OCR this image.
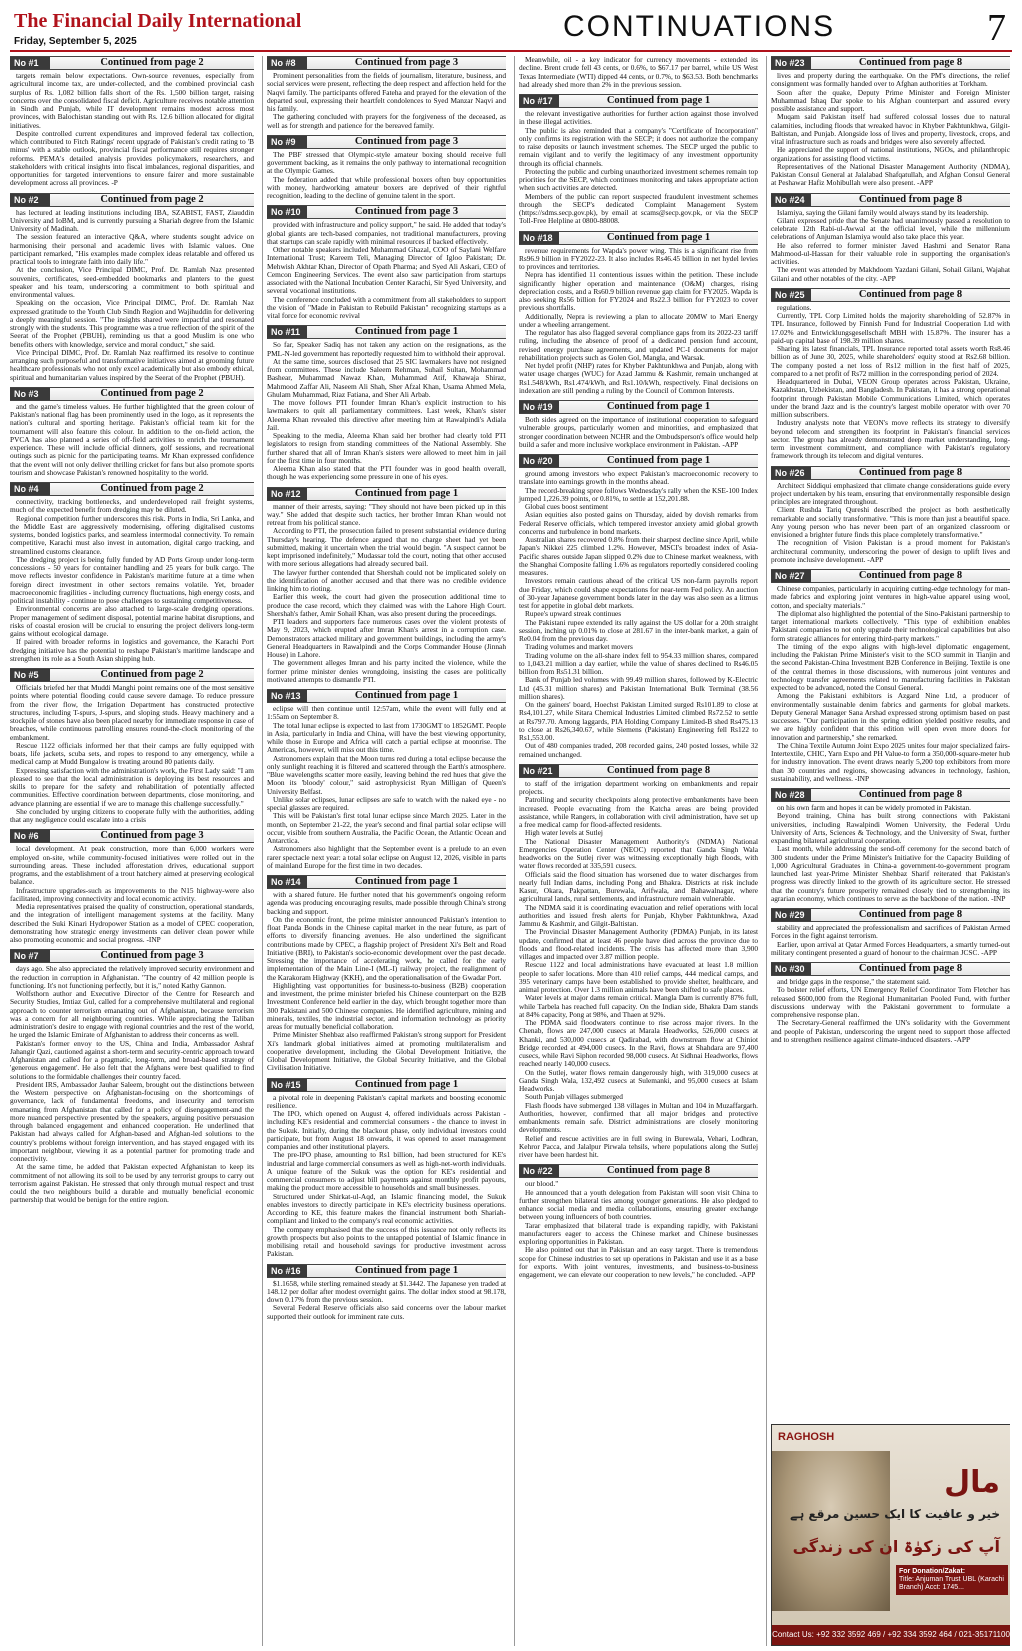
The Financial Daily International
Friday, September 5, 2025	CONTINUATIONS	7
No #1	Continued from page 2

targets remain below expectations. Own-source revenues, especially from agricultural income tax, are under-collected, and the combined provincial cash surplus of Rs. 1,082 billion falls short of the Rs. 1,500 billion target, raising concerns over the consolidated fiscal deficit. Agriculture receives notable attention in Sindh and Punjab, while IT development remains modest across most provinces, with Balochistan standing out with Rs. 12.6 billion allocated for digital initiatives.

Despite controlled current expenditures and improved federal tax collection, which contributed to Fitch Ratings' recent upgrade of Pakistan's credit rating to 'B minus' with a stable outlook, provincial fiscal performance still requires stronger reforms. PEMA's detailed analysis provides policymakers, researchers, and stakeholders with critical insights into fiscal imbalances, regional disparities, and opportunities for targeted interventions to ensure fairer and more sustainable development across all provinces. -P

No #2	Continued from page 2

has lectured at leading institutions including IBA, SZABIST, FAST, Ziauddin University and IoBM, and is currently pursuing a Shariah degree from the Islamic University of Madinah.

The session featured an interactive Q&A, where students sought advice on harmonising their personal and academic lives with Islamic values. One participant remarked, "His examples made complex ideas relatable and offered us practical tools to integrate faith into daily life."

At the conclusion, Vice Principal DIMC, Prof. Dr. Ramlah Naz presented souvenirs, certificates, seed-embedded bookmarks and planters to the guest speaker and his team, underscoring a commitment to both spiritual and environmental values.

Speaking on the occasion, Vice Principal DIMC, Prof. Dr. Ramlah Naz expressed gratitude to the Youth Club Sindh Region and Wajihuddin for delivering a deeply meaningful session. "The insights shared were impactful and resonated strongly with the students. This programme was a true reflection of the spirit of the Seerat of the Prophet (PBUH), reminding us that a good Muslim is one who benefits others with knowledge, service and moral conduct," she said.

Vice Principal DIMC, Prof. Dr. Ramlah Naz reaffirmed its resolve to continue arranging such purposeful and transformative initiatives aimed at grooming future healthcare professionals who not only excel academically but also embody ethical, spiritual and humanitarian values inspired by the Seerat of the Prophet (PBUH).

No #3	Continued from page 2

and the game's timeless values. He further highlighted that the green colour of Pakistan's national flag has been prominently used in the logo, as it represents the nation's cultural and sporting heritage. Pakistan's official team kit for the tournament will also feature this colour. In addition to the on-field action, the PVCA has also planned a series of off-field activities to enrich the tournament experience. These will include official dinners, golf sessions, and recreational outings such as picnic for the participating teams. Mr Khan expressed confidence that the event will not only deliver thrilling cricket for fans but also promote sports tourism and showcase Pakistan's renowned hospitality to the world.

No #4	Continued from page 2

connectivity, tracking bottlenecks, and underdeveloped rail freight systems, much of the expected benefit from dredging may be diluted.

Regional competition further underscores this risk. Ports in India, Sri Lanka, and the Middle East are aggressively modernising, offering digitalised customs systems, bonded logistics parks, and seamless intermodal connectivity. To remain competitive, Karachi must also invest in automation, digital cargo tracking, and streamlined customs clearance.

The dredging project is being fully funded by AD Ports Group under long-term concessions - 50 years for container handling and 25 years for bulk cargo. The move reflects investor confidence in Pakistan's maritime future at a time when foreign direct investment in other sectors remains volatile. Yet, broader macroeconomic fragilities - including currency fluctuations, high energy costs, and political instability - continue to pose challenges to sustaining competitiveness.

Environmental concerns are also attached to large-scale dredging operations. Proper management of sediment disposal, potential marine habitat disruptions, and risks of coastal erosion will be crucial to ensuring the project delivers long-term gains without ecological damage.

If paired with broader reforms in logistics and governance, the Karachi Port dredging initiative has the potential to reshape Pakistan's maritime landscape and strengthen its role as a South Asian shipping hub.

No #5	Continued from page 2

Officials briefed her that Muddi Manghi point remains one of the most sensitive points where potential flooding could cause severe damage. To reduce pressure from the river flow, the Irrigation Department has constructed protective structures, including T-spurs, J-spurs, and sloping studs. Heavy machinery and a stockpile of stones have also been placed nearby for immediate response in case of breaches, while continuous patrolling ensures round-the-clock monitoring of the embankment.

Rescue 1122 officials informed her that their camps are fully equipped with boats, life jackets, scuba sets, and ropes to respond to any emergency, while a medical camp at Mudd Bungalow is treating around 80 patients daily.

Expressing satisfaction with the administration's work, the First Lady said: "I am pleased to see that the local administration is deploying its best resources and skills to prepare for the safety and rehabilitation of potentially affected communities. Effective coordination between departments, close monitoring, and advance planning are essential if we are to manage this challenge successfully."

She concluded by urging citizens to cooperate fully with the authorities, adding that any negligence could escalate into a crisis

No #6	Continued from page 3

local development. At peak construction, more than 6,000 workers were employed on-site, while community-focused initiatives were rolled out in the surrounding areas. These included afforestation drives, educational support programs, and the establishment of a trout hatchery aimed at preserving ecological balance.

Infrastructure upgrades-such as improvements to the N15 highway-were also facilitated, improving connectivity and local economic activity.

Media representatives praised the quality of construction, operational standards, and the integration of intelligent management systems at the facility. Many described the Suki Kinari Hydropower Station as a model of CPEC cooperation, demonstrating how strategic energy investments can deliver clean power while also promoting economic and social progress. -INP

No #7	Continued from page 3

days ago. She also appreciated the relatively improved security environment and the reduction in corruption in Afghanistan. "The country of 42 million people is functioning. It's not functioning perfectly, but it is," noted Kathy Gannon.

Wolfsthorn author and Executive Director of the Centre for Research and Security Studies, Imtiaz Gul, called for a comprehensive multilateral and regional approach to counter terrorism emanating out of Afghanistan, because terrorism was a concern for all neighbouring countries. While appreciating the Taliban administration's desire to engage with regional countries and the rest of the world, he urged the Islamic Emirate of Afghanistan to address their concerns as well.

Pakistan's former envoy to the US, China and India, Ambassador Ashraf Jahangir Qazi, cautioned against a short-term and security-centric approach toward Afghanistan and called for a pragmatic, long-term, and broad-based strategy of 'generous engagement'. He also felt that the Afghans were best qualified to find solutions to the formidable challenges their country faced.

President IRS, Ambassador Jauhar Saleem, brought out the distinctions between the Western perspective on Afghanistan-focusing on the shortcomings of governance, lack of fundamental freedoms, and insecurity and terrorism emanating from Afghanistan that called for a policy of disengagement-and the more nuanced perspective presented by the speakers, arguing positive persuasion through balanced engagement and enhanced cooperation. He underlined that Pakistan had always called for Afghan-based and Afghan-led solutions to the country's problems without foreign intervention, and has stayed engaged with its important neighbour, viewing it as a potential partner for promoting trade and connectivity.

At the same time, he added that Pakistan expected Afghanistan to keep its commitment of not allowing its soil to be used by any terrorist groups to carry out terrorism against Pakistan. He stressed that only through mutual respect and trust could the two neighbours build a durable and mutually beneficial economic partnership that would be benign for the entire region.

No #8	Continued from page 3

Prominent personalities from the fields of journalism, literature, business, and social services were present, reflecting the deep respect and affection held for the Naqvi family. The participants offered Fateha and prayed for the elevation of the departed soul, expressing their heartfelt condolences to Syed Manzar Naqvi and his family.

The gathering concluded with prayers for the forgiveness of the deceased, as well as for strength and patience for the bereaved family.

No #9	Continued from page 3

The PBF stressed that Olympic-style amateur boxing should receive full government backing, as it remains the only pathway to international recognition at the Olympic Games.

The federation added that while professional boxers often buy opportunities with money, hardworking amateur boxers are deprived of their rightful recognition, leading to the decline of genuine talent in the sport.

No #10	Continued from page 3

provided with infrastructure and policy support," he said. He added that today's global giants are tech-based companies, not traditional manufacturers, proving that startups can scale rapidly with minimal resources if backed effectively.

Other notable speakers included Muhammad Ghazal, COO of Saylani Welfare International Trust; Kareem Teli, Managing Director of Igloo Pakistan; Dr. Mehwish Akhtar Khan, Director of Opath Pharma; and Syed Ali Askari, CEO of Cemcon Engineering Services. The event also saw participation from startups associated with the National Incubation Center Karachi, Sir Syed University, and several vocational institutions.

The conference concluded with a commitment from all stakeholders to support the vision of "Made in Pakistan to Rebuild Pakistan" recognizing startups as a vital force for economic revival

No #11	Continued from page 1

So far, Speaker Sadiq has not taken any action on the resignations, as the PML-N-led government has reportedly requested him to withhold their approval.

At the same time, sources disclosed that 25 SIC lawmakers have not resigned from committees. These include Saleem Rehman, Suhail Sultan, Mohammad Bashear, Muhammad Nawaz Khan, Muhammad Atif, Khawaja Shiraz, Mahmood Zaffar Ali, Naseem Ali Shah, Sher Afzal Khan, Usama Ahmed Mela, Ghulam Muhammad, Riaz Fatiana, and Sher Ali Arbab.

The move follows PTI founder Imran Khan's explicit instruction to his lawmakers to quit all parliamentary committees. Last week, Khan's sister Aleema Khan revealed this directive after meeting him at Rawalpindi's Adiala Jail.

Speaking to the media, Aleema Khan said her brother had clearly told PTI legislators to resign from standing committees of the National Assembly. She further shared that all of Imran Khan's sisters were allowed to meet him in jail for the first time in four months.

Aleema Khan also stated that the PTI founder was in good health overall, though he was experiencing some pressure in one of his eyes.

No #12	Continued from page 1

manner of their arrests, saying: "They should not have been picked up in this way." She added that despite such tactics, her brother Imran Khan would not retreat from his political stance.

According to PTI, the prosecution failed to present substantial evidence during Thursday's hearing. The defence argued that no charge sheet had yet been submitted, making it uncertain when the trial would begin. "A suspect cannot be kept imprisoned indefinitely," Mudassar told the court, noting that other accused with more serious allegations had already secured bail.

The lawyer further contended that Shershah could not be implicated solely on the identification of another accused and that there was no credible evidence linking him to rioting.

Earlier this week, the court had given the prosecution additional time to produce the case record, which they claimed was with the Lahore High Court. Shershah's father, Amir Sohail Khan, was also present during the proceedings.

PTI leaders and supporters face numerous cases over the violent protests of May 9, 2023, which erupted after Imran Khan's arrest in a corruption case. Demonstrators attacked military and government buildings, including the army's General Headquarters in Rawalpindi and the Corps Commander House (Jinnah House) in Lahore.

The government alleges Imran and his party incited the violence, while the former prime minister denies wrongdoing, insisting the cases are politically motivated attempts to dismantle PTI.

No #13	Continued from page 1

eclipse will then continue until 12:57am, while the event will fully end at 1:55am on September 8.

The total lunar eclipse is expected to last from 1730GMT to 1852GMT. People in Asia, particularly in India and China, will have the best viewing opportunity, while those in Europe and Africa will catch a partial eclipse at moonrise. The Americas, however, will miss out this time.

Astronomers explain that the Moon turns red during a total eclipse because the only sunlight reaching it is filtered and scattered through the Earth's atmosphere. "Blue wavelengths scatter more easily, leaving behind the red hues that give the Moon its 'bloody' colour," said astrophysicist Ryan Milligan of Queen's University Belfast.

Unlike solar eclipses, lunar eclipses are safe to watch with the naked eye - no special glasses are required.

This will be Pakistan's first total lunar eclipse since March 2025. Later in the month, on September 21-22, the year's second and final partial solar eclipse will occur, visible from southern Australia, the Pacific Ocean, the Atlantic Ocean and Antarctica.

Astronomers also highlight that the September event is a prelude to an even rarer spectacle next year: a total solar eclipse on August 12, 2026, visible in parts of mainland Europe for the first time in two decades.

No #14	Continued from page 1

with a shared future. He further noted that his government's ongoing reform agenda was producing encouraging results, made possible through China's strong backing and support.

On the economic front, the prime minister announced Pakistan's intention to float Panda Bonds in the Chinese capital market in the near future, as part of efforts to diversify financing avenues. He also underlined the significant contributions made by CPEC, a flagship project of President Xi's Belt and Road Initiative (BRI), to Pakistan's socio-economic development over the past decade. Stressing the importance of accelerating work, he called for the early implementation of the Main Line-I (ML-I) railway project, the realignment of the Karakoram Highway (KKH), and the operationalisation of the Gwadar Port.

Highlighting vast opportunities for business-to-business (B2B) cooperation and investment, the prime minister briefed his Chinese counterpart on the B2B Investment Conference held earlier in the day, which brought together more than 300 Pakistani and 500 Chinese companies. He identified agriculture, mining and minerals, textiles, the industrial sector, and information technology as priority areas for mutually beneficial collaboration.

Prime Minister Shehbaz also reaffirmed Pakistan's strong support for President Xi's landmark global initiatives aimed at promoting multilateralism and cooperative development, including the Global Development Initiative, the Global Development Initiative, the Global Security Initiative, and the Global Civilisation Initiative.

No #15	Continued from page 1

a pivotal role in deepening Pakistan's capital markets and boosting economic resilience.

The IPO, which opened on August 4, offered individuals across Pakistan - including KE's residential and commercial consumers - the chance to invest in the Sukuk. Initially, during the blackout phase, only individual investors could participate, but from August 18 onwards, it was opened to asset management companies and other institutional players.

The pre-IPO phase, amounting to Rs1 billion, had been structured for KE's industrial and large commercial consumers as well as high-net-worth individuals. A unique feature of the Sukuk was the option for KE's residential and commercial consumers to adjust bill payments against monthly profit payouts, making the product more accessible to households and small businesses.

Structured under Shirkat-ul-Aqd, an Islamic financing model, the Sukuk enables investors to directly participate in KE's electricity business operations. According to KE, this feature makes the financial instrument both Shariah-compliant and linked to the company's real economic activities.

The company emphasised that the success of this issuance not only reflects its growth prospects but also points to the untapped potential of Islamic finance in mobilising retail and household savings for productive investment across Pakistan.

No #16	Continued from page 1

$1.1658, while sterling remained steady at $1.3442. The Japanese yen traded at 148.12 per dollar after modest overnight gains. The dollar index stood at 98.178, down 0.17% from the previous session.

Several Federal Reserve officials also said concerns over the labour market supported their outlook for imminent rate cuts.

Meanwhile, oil - a key indicator for currency movements - extended its decline. Brent crude fell 43 cents, or 0.6%, to $67.17 per barrel, while US West Texas Intermediate (WTI) dipped 44 cents, or 0.7%, to $63.53. Both benchmarks had already shed more than 2% in the previous session.

No #17	Continued from page 1

the relevant investigative authorities for further action against those involved in these illegal activities.

The public is also reminded that a company's "Certificate of Incorporation" only confirms its registration with the SECP; it does not authorize the company to raise deposits or launch investment schemes. The SECP urged the public to remain vigilant and to verify the legitimacy of any investment opportunity through its official channels.

Protecting the public and curbing unauthorized investment schemes remain top priorities for the SECP, which continues monitoring and takes appropriate action when such activities are detected.

Members of the public can report suspected fraudulent investment schemes through the SECP's dedicated Complaint Management System (https://sdms.secp.gov.pk), by email at scams@secp.gov.pk, or via the SECP Toll-Free Helpline at 0800-88008.

No #18	Continued from page 1

revenue requirements for Wapda's power wing. This is a significant rise from Rs96.9 billion in FY2022-23. It also includes Rs46.45 billion in net hydel levies to provinces and territories.

Nepra has identified 11 contentious issues within the petition. These include significantly higher operation and maintenance (O&M) charges, rising depreciation costs, and a Rs60.9 billion revenue gap claim for FY2025. Wapda is also seeking Rs56 billion for FY2024 and Rs22.3 billion for FY2023 to cover previous shortfalls.

Additionally, Nepra is reviewing a plan to allocate 20MW to Mari Energy under a wheeling arrangement.

The regulator has also flagged several compliance gaps from its 2022-23 tariff ruling, including the absence of proof of a dedicated pension fund account, revised energy purchase agreements, and updated PC-I documents for major rehabilitation projects such as Golen Gol, Mangla, and Warsak.

Net hydel profit (NHP) rates for Khyber Pakhtunkhwa and Punjab, along with water usage charges (WUC) for Azad Jammu & Kashmir, remain unchanged at Rs1.548/kWh, Rs1.474/kWh, and Rs1.10/kWh, respectively. Final decisions on indexation are still pending a ruling by the Council of Common Interests.

No #19	Continued from page 1

Both sides agreed on the importance of institutional cooperation to safeguard vulnerable groups, particularly women and minorities, and emphasized that stronger coordination between NCHR and the Ombudsperson's office would help build a safer and more inclusive workplace environment in Pakistan. -APP

No #20	Continued from page 1

ground among investors who expect Pakistan's macroeconomic recovery to translate into earnings growth in the months ahead.

The record-breaking spree follows Wednesday's rally when the KSE-100 Index jumped 1,226.39 points, or 0.81%, to settle at 152,201.88.

Global cues boost sentiment

Asian equities also posted gains on Thursday, aided by dovish remarks from Federal Reserve officials, which tempered investor anxiety amid global growth concerns and turbulence in bond markets.

Australian shares recovered 0.8% from their sharpest decline since April, while Japan's Nikkei 225 climbed 1.2%. However, MSCI's broadest index of Asia-Pacific shares outside Japan slipped 0.2% due to Chinese market weakness, with the Shanghai Composite falling 1.6% as regulators reportedly considered cooling measures.

Investors remain cautious ahead of the critical US non-farm payrolls report due Friday, which could shape expectations for near-term Fed policy. An auction of 30-year Japanese government bonds later in the day was also seen as a litmus test for appetite in global debt markets.

Rupee's upward streak continues

The Pakistani rupee extended its rally against the US dollar for a 20th straight session, inching up 0.01% to close at 281.67 in the inter-bank market, a gain of Re0.04 from the previous day.

Trading volumes and market movers

Trading volume on the all-share index fell to 954.33 million shares, compared to 1,043.21 million a day earlier, while the value of shares declined to Rs46.05 billion from Rs51.31 billion.

Bank of Punjab led volumes with 99.49 million shares, followed by K-Electric Ltd (45.31 million shares) and Pakistan International Bulk Terminal (38.56 million shares).

On the gainers' board, Hoechst Pakistan Limited surged Rs101.89 to close at Rs4,101.27, while Sitara Chemical Industries Limited climbed Rs72.52 to settle at Rs797.70. Among laggards, PIA Holding Company Limited-B shed Rs475.13 to close at Rs26,340.67, while Siemens (Pakistan) Engineering fell Rs122 to Rs1,553.00.

Out of 480 companies traded, 208 recorded gains, 240 posted losses, while 32 remained unchanged.

No #21	Continued from page 8

to staff of the irrigation department working on embankments and repair projects.

Patrolling and security checkpoints along protective embankments have been increased. People evacuating from the Katcha areas are being provided assistance, while Rangers, in collaboration with civil administration, have set up a free medical camp for flood-affected residents.

High water levels at Sutlej

The National Disaster Management Authority's (NDMA) National Emergencies Operation Center (NEOC) reported that Ganda Singh Wala headworks on the Sutlej river was witnessing exceptionally high floods, with water flows recorded at 335,591 cusecs.

Officials said the flood situation has worsened due to water discharges from nearly full Indian dams, including Pong and Bhakra. Districts at risk include Kasur, Okara, Pakpattan, Burewala, Arifwala, and Bahawalnagar, where agricultural lands, rural settlements, and infrastructure remain vulnerable.

The NDMA said it is coordinating evacuation and relief operations with local authorities and issued fresh alerts for Punjab, Khyber Pakhtunkhwa, Azad Jammu & Kashmir, and Gilgit-Baltistan.

The Provincial Disaster Management Authority (PDMA) Punjab, in its latest update, confirmed that at least 46 people have died across the province due to floods and flood-related incidents. The crisis has affected more than 3,900 villages and impacted over 3.87 million people.

Rescue 1122 and local administrations have evacuated at least 1.8 million people to safer locations. More than 410 relief camps, 444 medical camps, and 395 veterinary camps have been established to provide shelter, healthcare, and animal protection. Over 1.3 million animals have been shifted to safe places.

Water levels at major dams remain critical. Mangla Dam is currently 87% full, while Tarbela has reached full capacity. On the Indian side, Bhakra Dam stands at 84% capacity, Pong at 98%, and Thaen at 92%.

The PDMA said floodwaters continue to rise across major rivers. In the Chenab, flows are 247,000 cusecs at Marala Headworks, 526,000 cusecs at Khanki, and 530,000 cusecs at Qadirabad, with downstream flow at Chiniot Bridge recorded at 494,000 cusecs. In the Ravi, flows at Shahdara are 97,400 cusecs, while Ravi Siphon recorded 98,000 cusecs. At Sidhnai Headworks, flows reached nearly 140,000 cusecs.

On the Sutlej, water flows remain dangerously high, with 319,000 cusecs at Ganda Singh Wala, 132,492 cusecs at Sulemanki, and 95,000 cusecs at Islam Headworks.

South Punjab villages submerged

Flash floods have submerged 138 villages in Multan and 104 in Muzaffargarh. Authorities, however, confirmed that all major bridges and protective embankments remain safe. District administrations are closely monitoring developments.

Relief and rescue activities are in full swing in Burewala, Vehari, Lodhran, Kehror Pacca, and Jalalpur Pirwala tehsils, where populations along the Sutlej river have been hardest hit.

No #22	Continued from page 8

our blood."

He announced that a youth delegation from Pakistan will soon visit China to further strengthen bilateral ties among younger generations. He also pledged to enhance social media and media collaborations, ensuring greater exchange between young influencers of both countries.

Tarar emphasized that bilateral trade is expanding rapidly, with Pakistani manufacturers eager to access the Chinese market and Chinese businesses exploring opportunities in Pakistan.

He also pointed out that in Pakistan and an easy target. There is tremendous scope for Chinese industries to set up operations in Pakistan and use it as a base for exports. With joint ventures, investments, and business-to-business engagement, we can elevate our cooperation to new levels," he concluded. -APP

No #23	Continued from page 8

lives and property during the earthquake. On the PM's directions, the relief consignment was formally handed over to Afghan authorities at Torkham.

Soon after the quake, Deputy Prime Minister and Foreign Minister Muhammad Ishaq Dar spoke to his Afghan counterpart and assured every possible assistance and support.

Muqam said Pakistan itself had suffered colossal losses due to natural calamities, including floods that wreaked havoc in Khyber Pakhtunkhwa, Gilgit-Baltistan, and Punjab. Alongside loss of lives and property, livestock, crops, and vital infrastructure such as roads and bridges were also severely affected.

He appreciated the support of national institutions, NGOs, and philanthropic organizations for assisting flood victims.

Representatives of the National Disaster Management Authority (NDMA), Pakistan Consul General at Jalalabad Shafqatullah, and Afghan Consul General at Peshawar Hafiz Mohibullah were also present. -APP

No #24	Continued from page 8

Islamiya, saying the Gilani family would always stand by its leadership.

Gilani expressed pride that the Senate had unanimously passed a resolution to celebrate 12th Rabi-ul-Awwal at the official level, while the millennium celebrations of Anjuman Islamiya would also take place this year.

He also referred to former minister Javed Hashmi and Senator Rana Mahmood-ul-Hassan for their valuable role in supporting the organisation's activities.

The event was attended by Makhdoom Yazdani Gilani, Sohail Gilani, Wajahat Gilani and other notables of the city. -APP

No #25	Continued from page 8

regulations.

Currently, TPL Corp Limited holds the majority shareholding of 52.87% in TPL Insurance, followed by Finnish Fund for Industrial Cooperation Ltd with 17.02% and Entwicklungsgesellschaft MBH with 15.87%. The insurer has a paid-up capital base of 198.39 million shares.

Sharing its latest financials, TPL Insurance reported total assets worth Rs8.46 billion as of June 30, 2025, while shareholders' equity stood at Rs2.68 billion. The company posted a net loss of Rs12 million in the first half of 2025, compared to a net profit of Rs72 million in the corresponding period of 2024.

Headquartered in Dubai, VEON Group operates across Pakistan, Ukraine, Kazakhstan, Uzbekistan, and Bangladesh. In Pakistan, it has a strong operational footprint through Pakistan Mobile Communications Limited, which operates under the brand Jazz and is the country's largest mobile operator with over 70 million subscribers.

Industry analysts note that VEON's move reflects its strategy to diversify beyond telecom and strengthen its footprint in Pakistan's financial services sector. The group has already demonstrated deep market understanding, long-term investment commitment, and compliance with Pakistan's regulatory framework through its telecom and digital ventures.

No #26	Continued from page 8

Architect Siddiqui emphasized that climate change considerations guide every project undertaken by his team, ensuring that environmentally responsible design principles are integrated throughout.

Client Rushda Tariq Qureshi described the project as both aesthetically remarkable and socially transformative. "This is more than just a beautiful space. Any young person who has never been part of an organized classroom or envisioned a brighter future finds this place completely transformative."

The recognition of Vision Pakistan is a proud moment for Pakistan's architectural community, underscoring the power of design to uplift lives and promote inclusive development. -APP

No #27	Continued from page 8

Chinese companies, particularly in acquiring cutting-edge technology for man-made fabrics and exploring joint ventures in high-value apparel using wool, cotton, and specialty materials."

The diplomat also highlighted the potential of the Sino-Pakistani partnership to target international markets collectively. "This type of exhibition enables Pakistani companies to not only upgrade their technological capabilities but also form strategic alliances for entering third-party markets."

The timing of the expo aligns with high-level diplomatic engagement, including the Pakistan Prime Minister's visit to the SCO summit in Tianjin and the second Pakistan-China Investment B2B Conference in Beijing. Textile is one of the central themes in those discussions, with numerous joint ventures and technology transfer agreements related to manufacturing facilities in Pakistan expected to be advanced, noted the Consul General.

Among the Pakistani exhibitors is Azgard Nine Ltd, a producer of environmentally sustainable denim fabrics and garments for global markets. Deputy General Manager Sana Arshad expressed strong optimism based on past successes. "Our participation in the spring edition yielded positive results, and we are highly confident that this edition will open even more doors for innovation and partnership," she remarked.

The China Textile Autumn Joint Expo 2025 unites four major specialized fairs-Intertextile, CHIC, Yarn Expo and PH Value-to form a 350,000-square-meter hub for industry innovation. The event draws nearly 5,200 top exhibitors from more than 30 countries and regions, showcasing advances in technology, fashion, sustainability, and wellness. -INP

No #28	Continued from page 8

on his own farm and hopes it can be widely promoted in Pakistan.

Beyond training, China has built strong connections with Pakistani universities, including Rawalpindi Women University, the Federal Urdu University of Arts, Sciences & Technology, and the University of Swat, further expanding bilateral agricultural cooperation.

Last month, while addressing the send-off ceremony for the second batch of 300 students under the Prime Minister's Initiative for the Capacity Building of 1,000 Agricultural Graduates in China-a government-to-government program launched last year-Prime Minister Shehbaz Sharif reiterated that Pakistan's progress was directly linked to the growth of its agriculture sector. He stressed that the country's future prosperity remained closely tied to strengthening its agrarian economy, which continues to serve as the backbone of the nation. -INP

No #29	Continued from page 8

stability and appreciated the professionalism and sacrifices of Pakistan Armed Forces in the fight against terrorism.

Earlier, upon arrival at Qatar Armed Forces Headquarters, a smartly turned-out military contingent presented a guard of honour to the chairman JCSC. -APP

No #30	Continued from page 8

and bridge gaps in the response," the statement said.

To bolster relief efforts, UN Emergency Relief Coordinator Tom Fletcher has released $600,000 from the Regional Humanitarian Pooled Fund, with further discussions underway with the Pakistani government to formulate a comprehensive response plan.

The Secretary-General reaffirmed the UN's solidarity with the Government and people of Pakistan, underscoring the urgent need to support those affected and to strengthen resilience against climate-induced disasters. -APP

RAGHOSH
مال
خیر و عافیت کا ایک حسین مرقع ہے
آپ کی زکوٰۃ ان کی زندگی
For Donation/Zakat:
Title: Anjuman Trust UBL (Karachi Branch) Acct: 1745...
Contact Us: +92 332 3592 469 / +92 334 3592 464 / 021-35171100
